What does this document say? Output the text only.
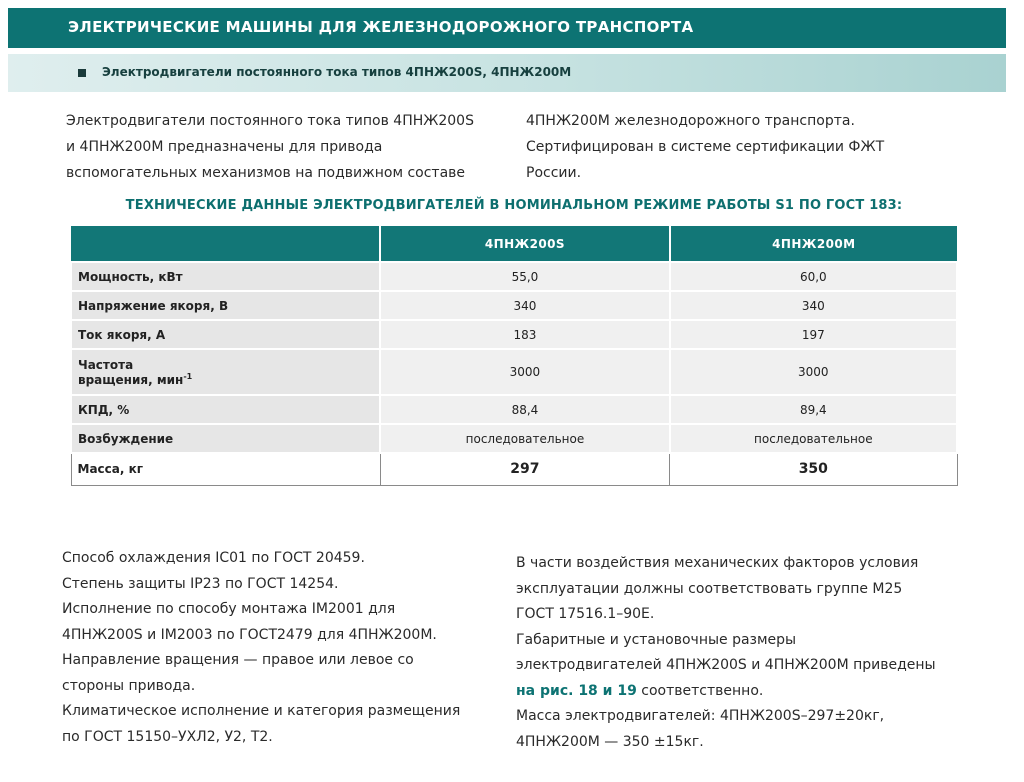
ЭЛЕКТРИЧЕСКИЕ МАШИНЫ ДЛЯ ЖЕЛЕЗНОДОРОЖНОГО ТРАНСПОРТА
Электродвигатели постоянного тока типов 4ПНЖ200S, 4ПНЖ200М
Электродвигатели постоянного тока типов 4ПНЖ200S
и 4ПНЖ200М предназначены для привода
вспомогательных механизмов на подвижном составе
4ПНЖ200М железнодорожного транспорта.
Сертифицирован в системе сертификации ФЖТ
России.
ТЕХНИЧЕСКИЕ ДАННЫЕ ЭЛЕКТРОДВИГАТЕЛЕЙ В НОМИНАЛЬНОМ РЕЖИМЕ РАБОТЫ S1 ПО ГОСТ 183:
	4ПНЖ200S	4ПНЖ200М
Мощность, кВт	55,0	60,0
Напряжение якоря, В	340	340
Ток якоря, А	183	197

Частота
вращения, мин$^{-1}$	3000	3000
КПД, %	88,4	89,4
Возбуждение	последовательное	последовательное
Масса, кг	297	350
Способ охлаждения IC01 по ГОСТ 20459.
Степень защиты IP23 по ГОСТ 14254.
Исполнение по способу монтажа IM2001 для
4ПНЖ200S и IM2003 по ГОСТ2479 для 4ПНЖ200М.
Направление вращения — правое или левое со
стороны привода.
Климатическое исполнение и категория размещения
по ГОСТ 15150–УХЛ2, У2, Т2.
В части воздействия механических факторов условия
эксплуатации должны соответствовать группе М25
ГОСТ 17516.1–90Е.
Габаритные и установочные размеры
электродвигателей 4ПНЖ200S и 4ПНЖ200М приведены
на рис. 18 и 19 соответственно.
Масса электродвигателей: 4ПНЖ200S–297±20кг,
4ПНЖ200М — 350 ±15кг.
